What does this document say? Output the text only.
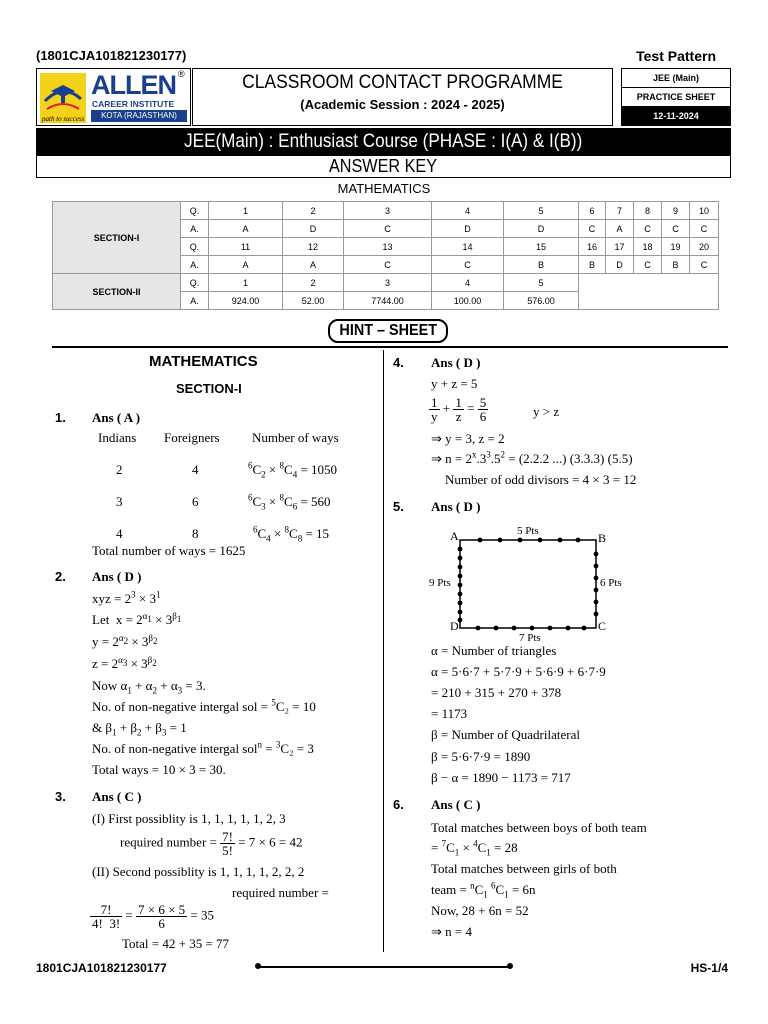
(1801CJA101821230177)	Test Pattern
ALLEN ®
CAREER INSTITUTE
KOTA (RAJASTHAN)
path to success
CLASSROOM CONTACT PROGRAMME
(Academic Session : 2024 - 2025)
JEE (Main)
PRACTICE SHEET
12-11-2024
JEE(Main) : Enthusiast Course (PHASE : I(A) & I(B))
ANSWER KEY
MATHEMATICS
SECTION-I	Q.	1	2	3	4	5	6	7	8	9	10
	A.	A	D	C	D	D	C	A	C	C	C
	Q.	11	12	13	14	15	16	17	18	19	20
	A.	A	A	C	C	B	B	D	C	B	C
SECTION-II	Q.	1	2	3	4	5					
	A.	924.00	52.00	7744.00	100.00	576.00					
HINT – SHEET
MATHEMATICS
SECTION-I
1. Ans ( A )
Indians Foreigners Number of ways
2	4	$^6C_2 \times ^8C_4 = 1050$
3	6	$^6C_3 \times ^8C_6 = 560$
4	8	$^6C_4 \times ^8C_8 = 15$
Total number of ways = 1625
2. Ans ( D )
xyz = $2^3 \times 3^1$
Let  $x = 2^{\alpha_1} \times 3^{\beta_1}$
$y = 2^{\alpha_2} \times 3^{\beta_2}$
$z = 2^{\alpha_3} \times 3^{\beta_2}$
Now $\alpha_1 + \alpha_2 + \alpha_3 = 3$.
No. of non-negative intergal sol = $^5$C₂ = 10
& $\beta_1 + \beta_2 + \beta_3 = 1$
No. of non-negative intergal sol$^n$ = $^3$C₂ = 3
Total ways = 10 × 3 = 30.
3. Ans ( C )
(I) First possiblity is 1, 1, 1, 1, 1, 2, 3
required number = $\frac{7!}{5!} = 7 \times 6 = 42$
(II) Second possiblity is 1, 1, 1, 1, 2, 2, 2
required number =
$\frac{7!}{4! 3!} = \frac{7 \times 6 \times 5}{6} = 35$
Total = 42 + 35 = 77
4. Ans ( D )
y + z = 5
$\frac{1}{y} + \frac{1}{z} = \frac{5}{6}$	y > z
⇒ y = 3, z = 2
⇒ $n = 2^x.3^3.5^2 = (2.2.2$ ...) (3.3.3) (5.5)
Number of odd divisors = 4 × 3 = 12
5. Ans ( D )
A	B
C
D
5 Pts
9 Pts	6 Pts
7 Pts
α = Number of triangles
α = 5·6·7 + 5·7·9 + 5·6·9 + 6·7·9
= 210 + 315 + 270 + 378
= 1173
β = Number of Quadrilateral
β = 5·6·7·9 = 1890
β − α = 1890 − 1173 = 717
6. Ans ( C )
Total matches between boys of both team
= $^7C_1 \times ^4C_1 = 28$
Total matches between girls of both
team = $^nC_1$ $^6C_1 = 6n$
Now, 28 + 6n = 52
⇒ n = 4
1801CJA101821230177	HS-1/4
